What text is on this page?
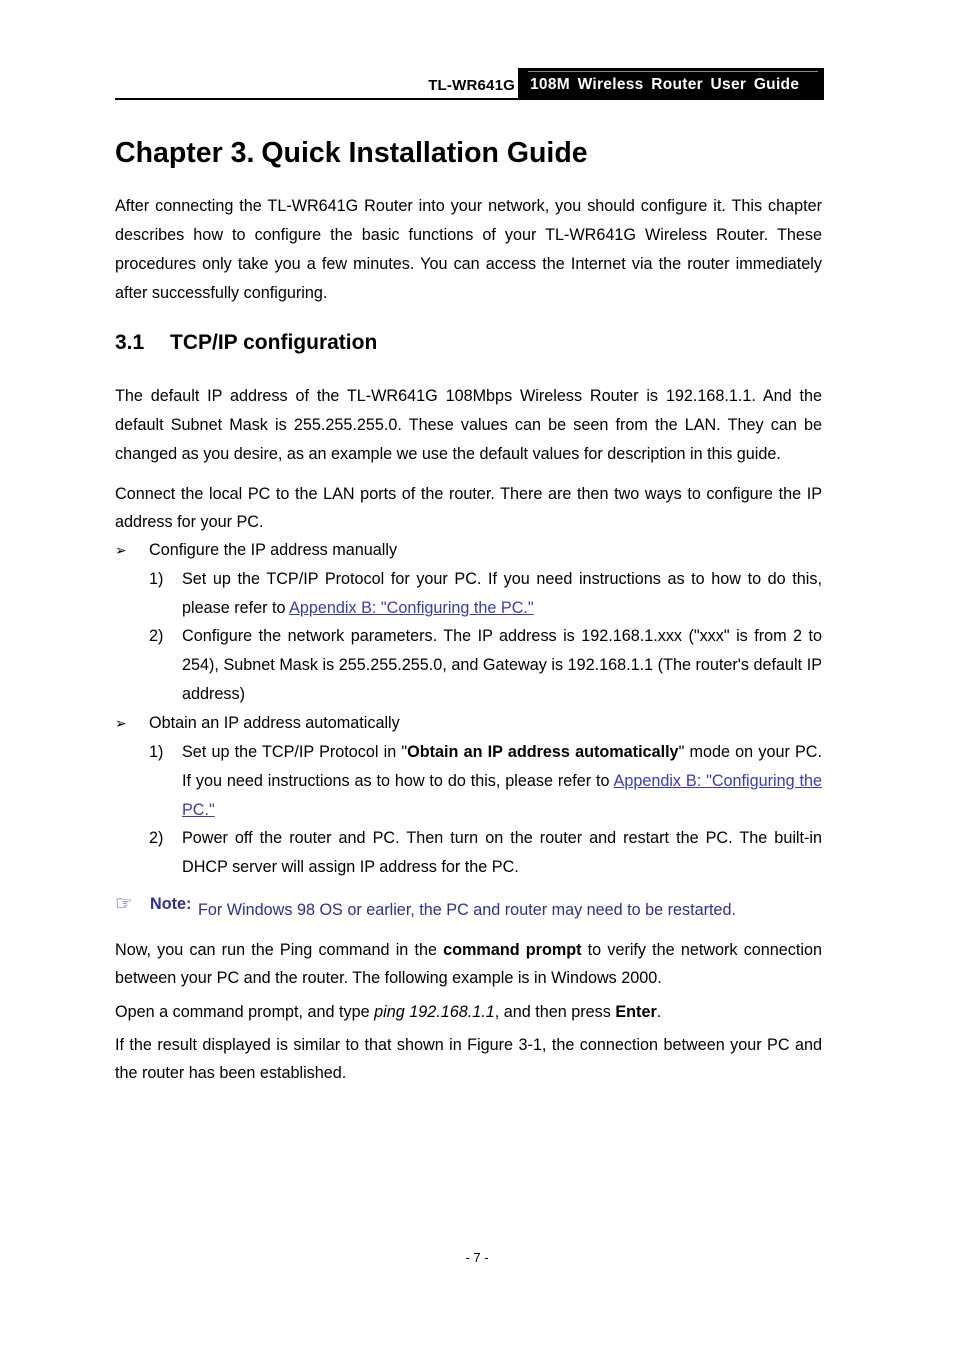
TL-WR641G 108M Wireless Router User Guide
Chapter 3. Quick Installation Guide

After connecting the TL-WR641G Router into your network, you should configure it. This chapter describes how to configure the basic functions of your TL-WR641G Wireless Router. These procedures only take you a few minutes. You can access the Internet via the router immediately after successfully configuring.

3.1 TCP/IP configuration

The default IP address of the TL-WR641G 108Mbps Wireless Router is 192.168.1.1. And the default Subnet Mask is 255.255.255.0. These values can be seen from the LAN. They can be changed as you desire, as an example we use the default values for description in this guide.

Connect the local PC to the LAN ports of the router. There are then two ways to configure the IP address for your PC.

➢ Configure the IP address manually
1) Set up the TCP/IP Protocol for your PC. If you need instructions as to how to do this, please refer to Appendix B: "Configuring the PC."
2) Configure the network parameters. The IP address is 192.168.1.xxx ("xxx" is from 2 to 254), Subnet Mask is 255.255.255.0, and Gateway is 192.168.1.1 (The router's default IP address)
➢ Obtain an IP address automatically
1) Set up the TCP/IP Protocol in "Obtain an IP address automatically" mode on your PC. If you need instructions as to how to do this, please refer to Appendix B: "Configuring the PC."
2) Power off the router and PC. Then turn on the router and restart the PC. The built-in DHCP server will assign IP address for the PC.
☞ Note: For Windows 98 OS or earlier, the PC and router may need to be restarted.

Now, you can run the Ping command in the command prompt to verify the network connection between your PC and the router. The following example is in Windows 2000.

Open a command prompt, and type ping 192.168.1.1, and then press Enter.

If the result displayed is similar to that shown in Figure 3-1, the connection between your PC and the router has been established.

- 7 -
